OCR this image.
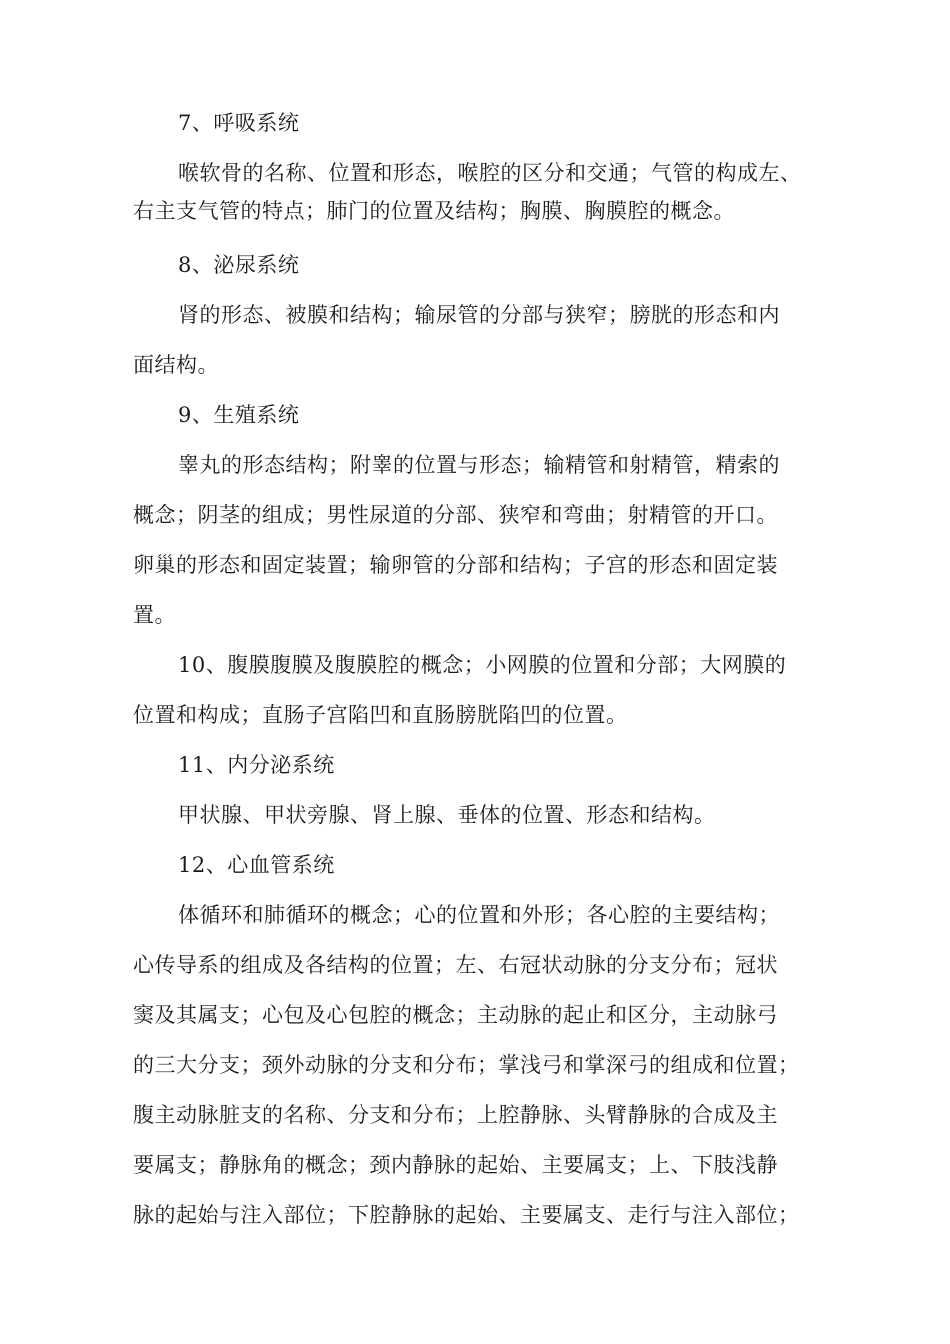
7、呼吸系统
喉软骨的名称、位置和形态，喉腔的区分和交通；气管的构成左、
右主支气管的特点；肺门的位置及结构；胸膜、胸膜腔的概念。
8、泌尿系统
肾的形态、被膜和结构；输尿管的分部与狭窄；膀胱的形态和内
面结构。
9、生殖系统
睾丸的形态结构；附睾的位置与形态；输精管和射精管，精索的
概念；阴茎的组成；男性尿道的分部、狭窄和弯曲；射精管的开口。
卵巢的形态和固定装置；输卵管的分部和结构；子宫的形态和固定装
置。
10、腹膜腹膜及腹膜腔的概念；小网膜的位置和分部；大网膜的
位置和构成；直肠子宫陷凹和直肠膀胱陷凹的位置。
11、内分泌系统
甲状腺、甲状旁腺、肾上腺、垂体的位置、形态和结构。
12、心血管系统
体循环和肺循环的概念；心的位置和外形；各心腔的主要结构；
心传导系的组成及各结构的位置；左、右冠状动脉的分支分布；冠状
窦及其属支；心包及心包腔的概念；主动脉的起止和区分，主动脉弓
的三大分支；颈外动脉的分支和分布；掌浅弓和掌深弓的组成和位置；
腹主动脉脏支的名称、分支和分布；上腔静脉、头臂静脉的合成及主
要属支；静脉角的概念；颈内静脉的起始、主要属支；上、下肢浅静
脉的起始与注入部位；下腔静脉的起始、主要属支、走行与注入部位；
